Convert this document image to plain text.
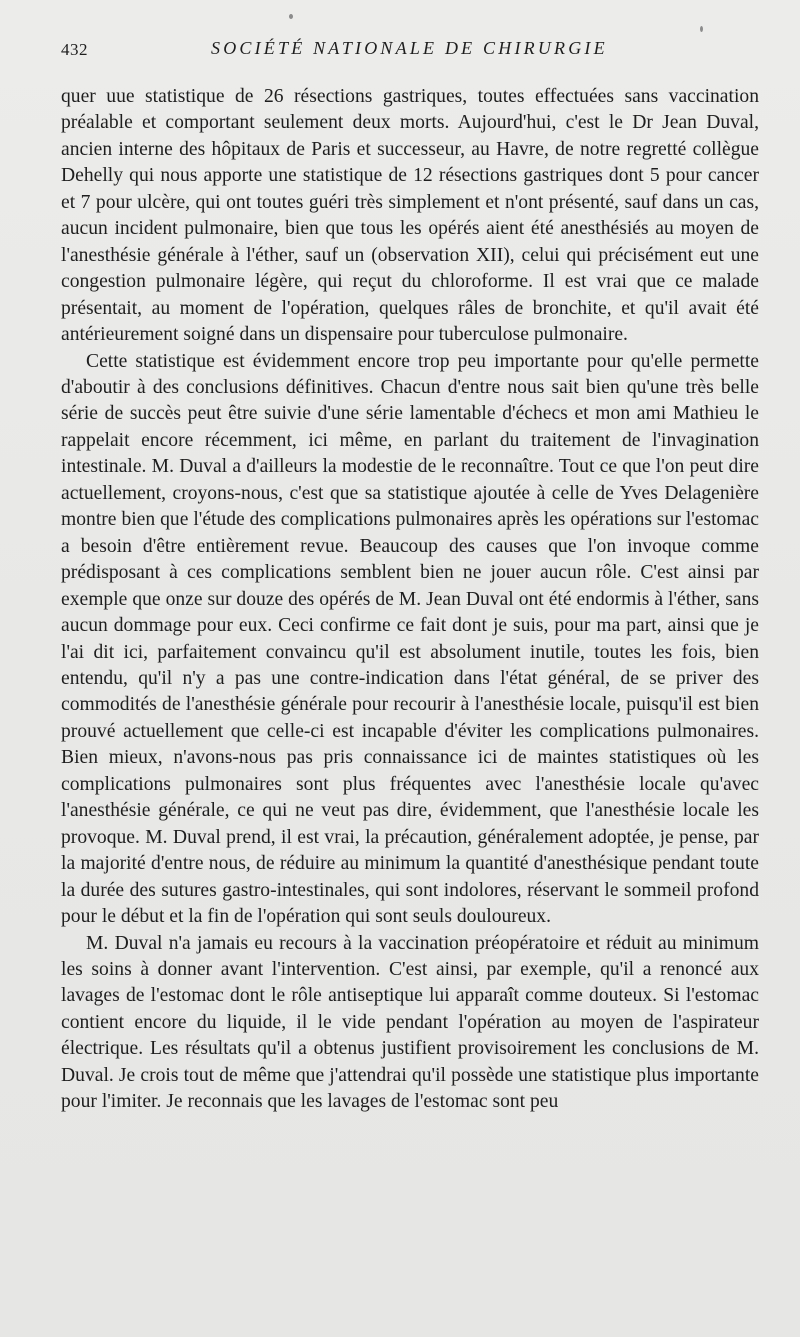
432	SOCIÉTÉ NATIONALE DE CHIRURGIE

quer uue statistique de 26 résections gastriques, toutes effectuées sans vaccination préalable et comportant seulement deux morts. Aujourd'hui, c'est le Dr Jean Duval, ancien interne des hôpitaux de Paris et successeur, au Havre, de notre regretté collègue Dehelly qui nous apporte une statistique de 12 résections gastriques dont 5 pour cancer et 7 pour ulcère, qui ont toutes guéri très simplement et n'ont présenté, sauf dans un cas, aucun incident pulmonaire, bien que tous les opérés aient été anesthésiés au moyen de l'anesthésie générale à l'éther, sauf un (observation XII), celui qui précisément eut une congestion pulmonaire légère, qui reçut du chloroforme. Il est vrai que ce malade présentait, au moment de l'opération, quelques râles de bronchite, et qu'il avait été antérieurement soigné dans un dispensaire pour tuberculose pulmonaire.

Cette statistique est évidemment encore trop peu importante pour qu'elle permette d'aboutir à des conclusions définitives. Chacun d'entre nous sait bien qu'une très belle série de succès peut être suivie d'une série lamentable d'échecs et mon ami Mathieu le rappelait encore récemment, ici même, en parlant du traitement de l'invagination intestinale. M. Duval a d'ailleurs la modestie de le reconnaître. Tout ce que l'on peut dire actuellement, croyons-nous, c'est que sa statistique ajoutée à celle de Yves Delagenière montre bien que l'étude des complications pulmonaires après les opérations sur l'estomac a besoin d'être entièrement revue. Beaucoup des causes que l'on invoque comme prédisposant à ces complications semblent bien ne jouer aucun rôle. C'est ainsi par exemple que onze sur douze des opérés de M. Jean Duval ont été endormis à l'éther, sans aucun dommage pour eux. Ceci confirme ce fait dont je suis, pour ma part, ainsi que je l'ai dit ici, parfaitement convaincu qu'il est absolument inutile, toutes les fois, bien entendu, qu'il n'y a pas une contre-indication dans l'état général, de se priver des commodités de l'anesthésie générale pour recourir à l'anesthésie locale, puisqu'il est bien prouvé actuellement que celle-ci est incapable d'éviter les complications pulmonaires. Bien mieux, n'avons-nous pas pris connaissance ici de maintes statistiques où les complications pulmonaires sont plus fréquentes avec l'anesthésie locale qu'avec l'anesthésie générale, ce qui ne veut pas dire, évidemment, que l'anesthésie locale les provoque. M. Duval prend, il est vrai, la précaution, généralement adoptée, je pense, par la majorité d'entre nous, de réduire au minimum la quantité d'anesthésique pendant toute la durée des sutures gastro-intestinales, qui sont indolores, réservant le sommeil profond pour le début et la fin de l'opération qui sont seuls douloureux.

M. Duval n'a jamais eu recours à la vaccination préopératoire et réduit au minimum les soins à donner avant l'intervention. C'est ainsi, par exemple, qu'il a renoncé aux lavages de l'estomac dont le rôle antiseptique lui apparaît comme douteux. Si l'estomac contient encore du liquide, il le vide pendant l'opération au moyen de l'aspirateur électrique. Les résultats qu'il a obtenus justifient provisoirement les conclusions de M. Duval. Je crois tout de même que j'attendrai qu'il possède une statistique plus importante pour l'imiter. Je reconnais que les lavages de l'estomac sont peu
